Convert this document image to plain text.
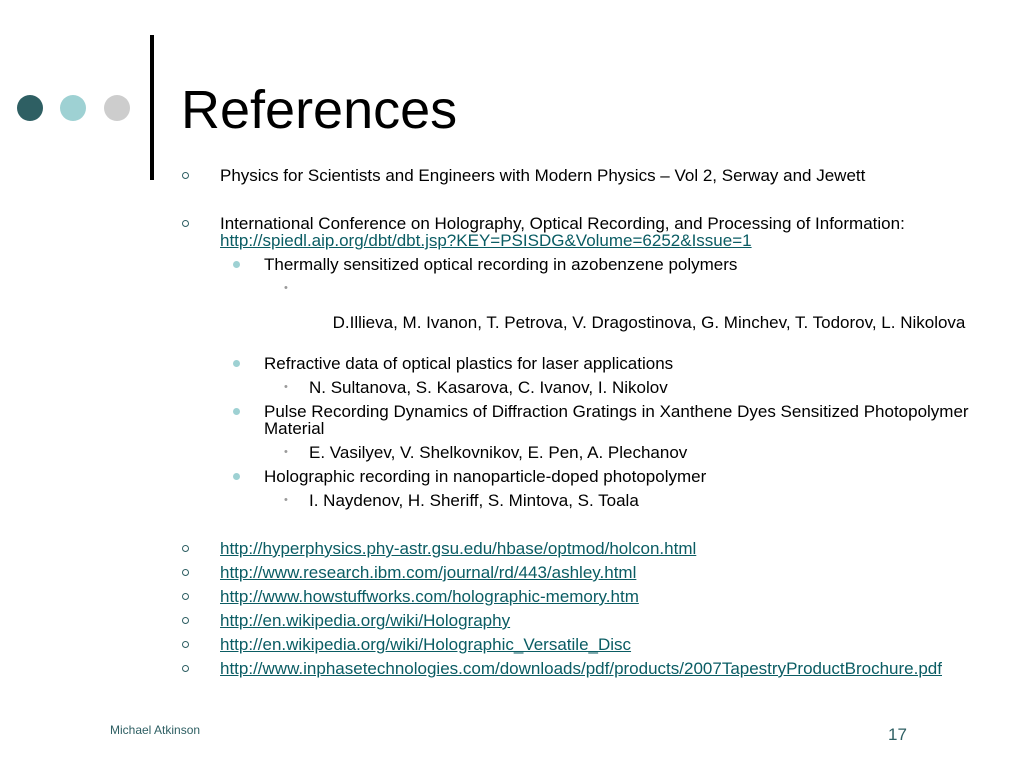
References
Physics for Scientists and Engineers with Modern Physics – Vol 2, Serway and Jewett
International Conference on Holography, Optical Recording, and Processing of Information: http://spiedl.aip.org/dbt/dbt.jsp?KEY=PSISDG&Volume=6252&Issue=1
Thermally sensitized optical recording in azobenzene polymers

•

D.Illieva, M. Ivanon, T. Petrova, V. Dragostinova, G. Minchev, T. Todorov, L. Nikolova

Refractive data of optical plastics for laser applications
• N. Sultanova, S. Kasarova, C. Ivanov, I. Nikolov
Pulse Recording Dynamics of Diffraction Gratings in Xanthene Dyes Sensitized Photopolymer Material
• E. Vasilyev, V. Shelkovnikov, E. Pen, A. Plechanov
Holographic recording in nanoparticle-doped photopolymer
• I. Naydenov, H. Sheriff, S. Mintova, S. Toala
http://hyperphysics.phy-astr.gsu.edu/hbase/optmod/holcon.html
http://www.research.ibm.com/journal/rd/443/ashley.html
http://www.howstuffworks.com/holographic-memory.htm
http://en.wikipedia.org/wiki/Holography
http://en.wikipedia.org/wiki/Holographic_Versatile_Disc
http://www.inphasetechnologies.com/downloads/pdf/products/2007TapestryProductBrochure.pdf
Michael Atkinson	17
